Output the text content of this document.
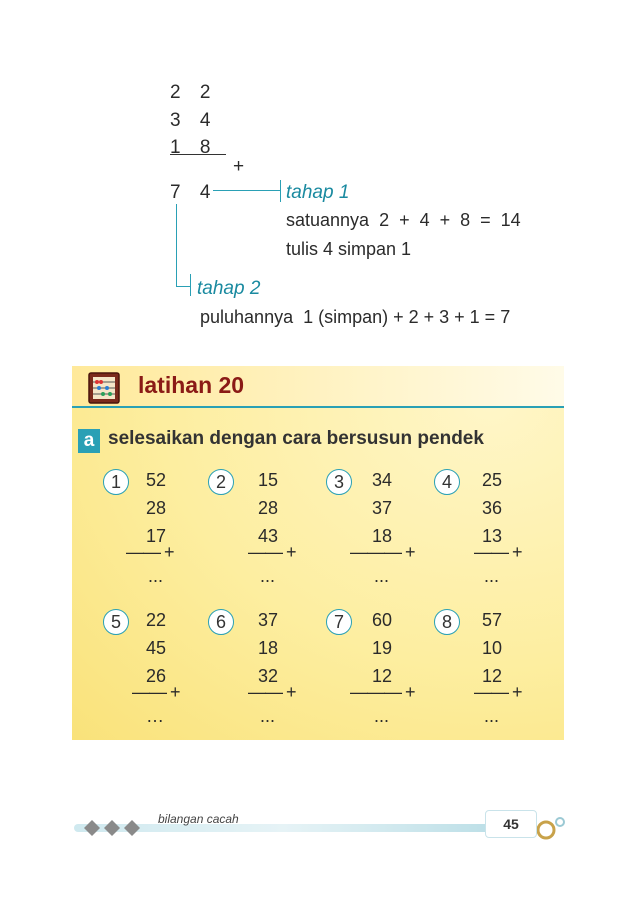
2 2
3 4
1 8
+
7 4	tahap 1
satuannya  2  +  4  +  8  =  14
tulis 4 simpan 1
tahap 2
puluhannya  1 (simpan) + 2 + 3 + 1 = 7
latihan 20
a selesaikan dengan cara bersusun pendek
1	52
28
17
—— +
...
2	15
28
43
—— +
...
3	34
37
18
——— +
...
4	25
36
13
—— +
...
5	22
45
26
—— +
…
6	37
18
32
—— +
...
7	60
19
12
——— +
...
8	57
10
12
—— +
...
bilangan cacah	45
